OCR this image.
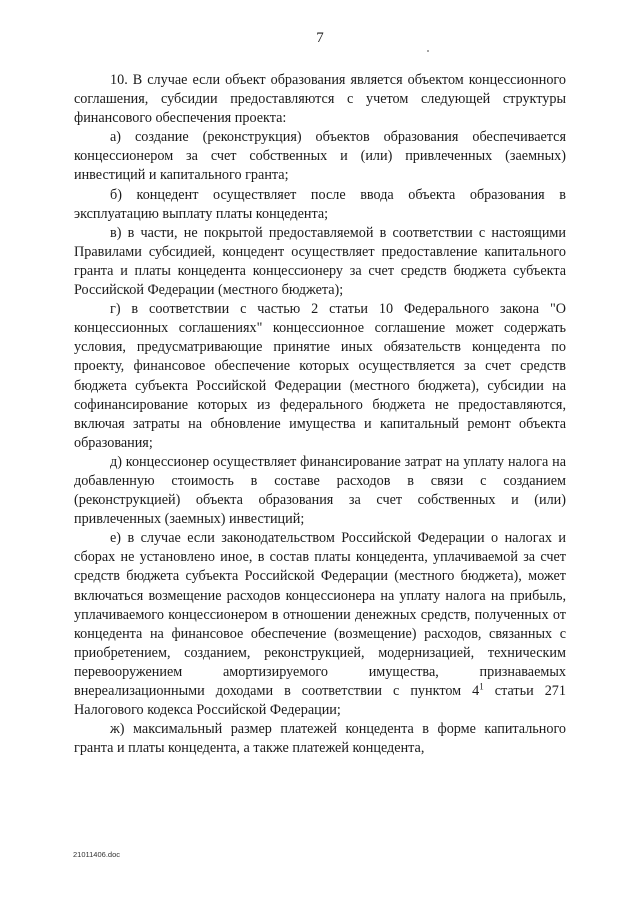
7

10. В случае если объект образования является объектом концессионного соглашения, субсидии предоставляются с учетом следующей структуры финансового обеспечения проекта:

а) создание (реконструкция) объектов образования обеспечивается концессионером за счет собственных и (или) привлеченных (заемных) инвестиций и капитального гранта;

б) концедент осуществляет после ввода объекта образования в эксплуатацию выплату платы концедента;

в) в части, не покрытой предоставляемой в соответствии с настоящими Правилами субсидией, концедент осуществляет предоставление капитального гранта и платы концедента концессионеру за счет средств бюджета субъекта Российской Федерации (местного бюджета);

г) в соответствии с частью 2 статьи 10 Федерального закона "О концессионных соглашениях" концессионное соглашение может содержать условия, предусматривающие принятие иных обязательств концедента по проекту, финансовое обеспечение которых осуществляется за счет средств бюджета субъекта Российской Федерации (местного бюджета), субсидии на софинансирование которых из федерального бюджета не предоставляются, включая затраты на обновление имущества и капитальный ремонт объекта образования;

д) концессионер осуществляет финансирование затрат на уплату налога на добавленную стоимость в составе расходов в связи с созданием (реконструкцией) объекта образования за счет собственных и (или) привлеченных (заемных) инвестиций;

е) в случае если законодательством Российской Федерации о налогах и сборах не установлено иное, в состав платы концедента, уплачиваемой за счет средств бюджета субъекта Российской Федерации (местного бюджета), может включаться возмещение расходов концессионера на уплату налога на прибыль, уплачиваемого концессионером в отношении денежных средств, полученных от концедента на финансовое обеспечение (возмещение) расходов, связанных с приобретением, созданием, реконструкцией, модернизацией, техническим перевооружением амортизируемого имущества, признаваемых внереализационными доходами в соответствии с пунктом $4^1$ статьи 271 Налогового кодекса Российской Федерации;

ж) максимальный размер платежей концедента в форме капитального гранта и платы концедента, а также платежей концедента,

21011406.doc
